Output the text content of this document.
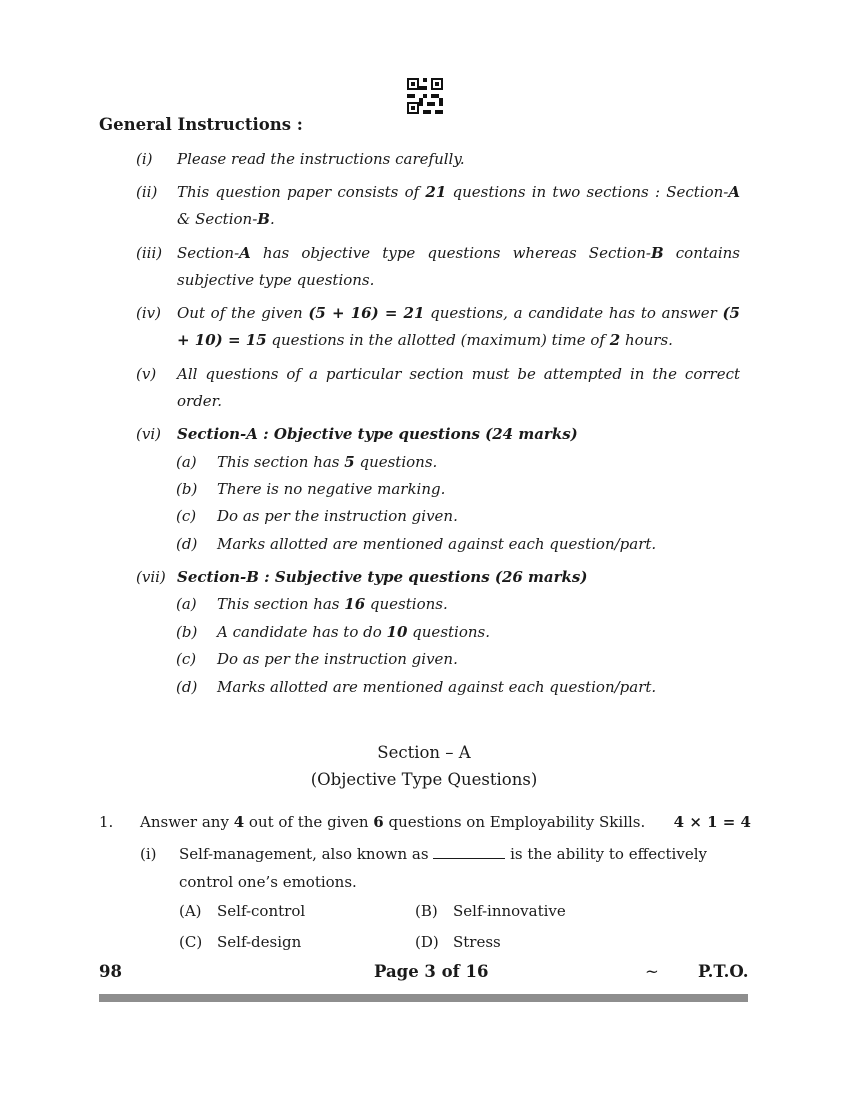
General Instructions :
(i) Please read the instructions carefully.
(ii) This question paper consists of 21 questions in two sections : Section-A & Section-B.
(iii) Section-A has objective type questions whereas Section-B contains subjective type questions.
(iv) Out of the given (5 + 16) = 21 questions, a candidate has to answer (5 + 10) = 15 questions in the allotted (maximum) time of 2 hours.
(v) All questions of a particular section must be attempted in the correct order.
(vi) Section-A : Objective type questions (24 marks)
(a) This section has 5 questions.
(b) There is no negative marking.
(c) Do as per the instruction given.
(d) Marks allotted are mentioned against each question/part.
(vii) Section-B : Subjective type questions (26 marks)
(a) This section has 16 questions.
(b) A candidate has to do 10 questions.
(c) Do as per the instruction given.
(d) Marks allotted are mentioned against each question/part.
Section – A
(Objective Type Questions)
1. Answer any 4 out of the given 6 questions on Employability Skills.	4 × 1 = 4
(i) Self-management, also known as	is the ability to effectively control one’s emotions.
(A) Self-control	(B) Self-innovative
(C) Self-design	(D) Stress
98	Page 3 of 16	~ P.T.O.
